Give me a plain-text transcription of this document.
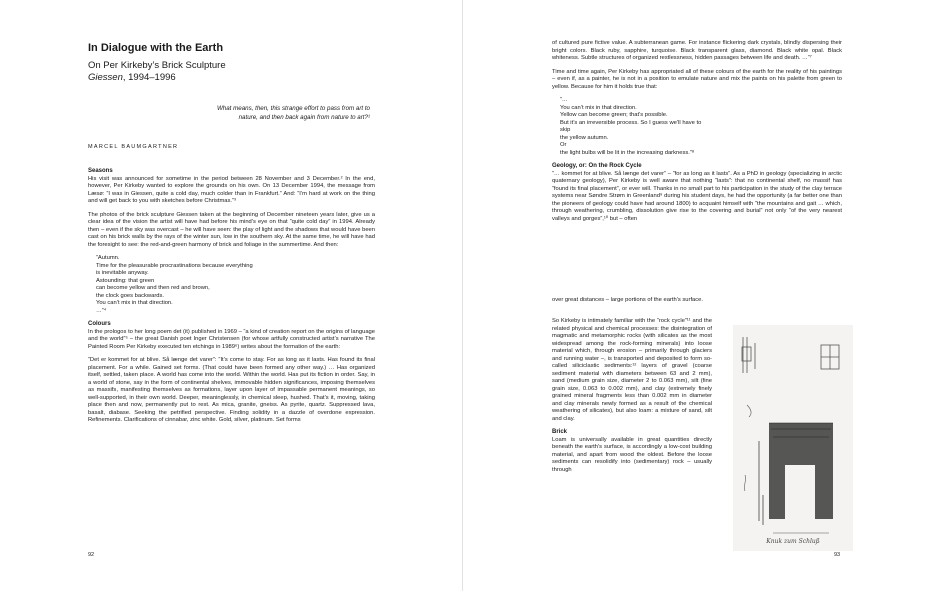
In Dialogue with the Earth
On Per Kirkeby’s Brick Sculpture
Giessen, 1994–1996
What means, then, this strange effort to pass from art to nature, and then back again from nature to art?¹
MARCEL BAUMGARTNER
Seasons

His visit was announced for sometime in the period between 28 November and 3 December.² In the end, however, Per Kirkeby wanted to explore the grounds on his own. On 13 December 1994, the message from Læsø: “I was in Giessen, quite a cold day, much colder than in Frankfurt.” And: “I’m hard at work on the thing and will get back to you with sketches before Christmas.”³

The photos of the brick sculpture Giessen taken at the beginning of December nineteen years later, give us a clear idea of the vision the artist will have had before his mind’s eye on that “quite cold day” in 1994. Already then – even if the sky was overcast – he will have seen: the play of light and the shadows that would have been cast on his brick walls by the rays of the winter sun, low in the southern sky. At the same time, he will have had the foresight to see: the red-and-green harmony of brick and foliage in the summertime. And then:

“Autumn.
Time for the pleasurable procrastinations because everything
is inevitable anyway.
Astounding: that green
can become yellow and then red and brown,
the clock goes backwards.
You can’t mix in that direction.
…”⁴
Colours

In the prologos to her long poem det (it) published in 1969 – “a kind of creation report on the origins of language and the world”⁵ – the great Danish poet Inger Christensen (for whose artfully constructed artist’s narrative The Painted Room Per Kirkeby executed ten etchings in 1989⁶) writes about the formation of the earth:

“Det er kommet for at blive. Så længe det varer”: “It’s come to stay. For as long as it lasts. Has found its final placement. For a while. Gained set forms. (That could have been formed any other way.) … Has organized itself, settled, taken place. A world has come into the world. Within the world. Has put its fiction in order. Say, in a world of stone, say in the form of continental shelves, immovable hidden significances, imposing themselves as massifs, manifesting themselves as formations, layer upon layer of impassable permanent meanings, so well-supported, in their own world. Deeper, meaninglessly, in chemical sleep, hushed. That’s it, moving, taking place then and now, permanently put to rest. As mica, granite, gneiss. As pyrite, quartz. Suppressed lava, basalt, diabase. Seeking the petrified perspective. Finding solidity in a dazzle of overdone expression. Refinements. Clarifications of cinnabar, zinc white. Gold, silver, platinum. Set forms

92	93

of cultured pure fictive value. A subterranean game. For instance flickering dark crystals, blindly dispersing their bright colors. Black ruby, sapphire, turquoise. Black transparent glass, diamond. Black white opal. Black whiteness. Subtle structures of organized restlessness, hidden passages between life and death. …”⁷

Time and time again, Per Kirkeby has appropriated all of these colours of the earth for the reality of his paintings – even if, as a painter, he is not in a position to emulate nature and mix the paints on his palette from green to yellow. Because for him it holds true that:

“…
You can’t mix in that direction.
Yellow can become green; that’s possible.
But it’s an irreversible process. So I guess we’ll have to
skip
the yellow autumn.
Or
the light bulbs will be lit in the increasing darkness.”⁸
Geology, or: On the Rock Cycle

“… kommet for at blive. Så længe det varer” – “for as long as it lasts”. As a PhD in geology (specializing in arctic quaternary geology), Per Kirkeby is well aware that nothing “lasts”: that no continental shelf, no massif has “found its final placement”, or ever will. Thanks in no small part to his participation in the study of the clay terrace systems near Søndre Strøm in Greenland⁹ during his student days, he had the opportunity (a far better one than the pioneers of geology could have had around 1800) to acquaint himself with “the mountains and gait … which, through weathering, crumbling, dissolution give rise to the covering and burial” not only “of the very nearest valleys and gorges”,¹⁰ but – often

over great distances – large portions of the earth’s surface.

So Kirkeby is intimately familiar with the “rock cycle”¹¹ and the related physical and chemical processes: the disintegration of magmatic and metamorphic rocks (with silicates as the most widespread among the rock-forming minerals) into loose material which, through erosion – primarily through glaciers and running water –, is transported and deposited to form so-called siliciclastic sediments:¹² layers of gravel (coarse sediment material with diameters between 63 and 2 mm), sand (medium grain size, diameter 2 to 0.063 mm), silt (fine grain size, 0.063 to 0.002 mm), and clay (extremely finely grained mineral fragments less than 0.002 mm in diameter and clay minerals newly formed as a result of the chemical weathering of silicates), but also loam: a mixture of sand, silt and clay.

Brick

Loam is universally available in great quantities directly beneath the earth’s surface, is accordingly a low-cost building material, and apart from wood the oldest. Before the loose sediments can resolidify into (sedimentary) rock – usually through

Knuk zum Schluß
